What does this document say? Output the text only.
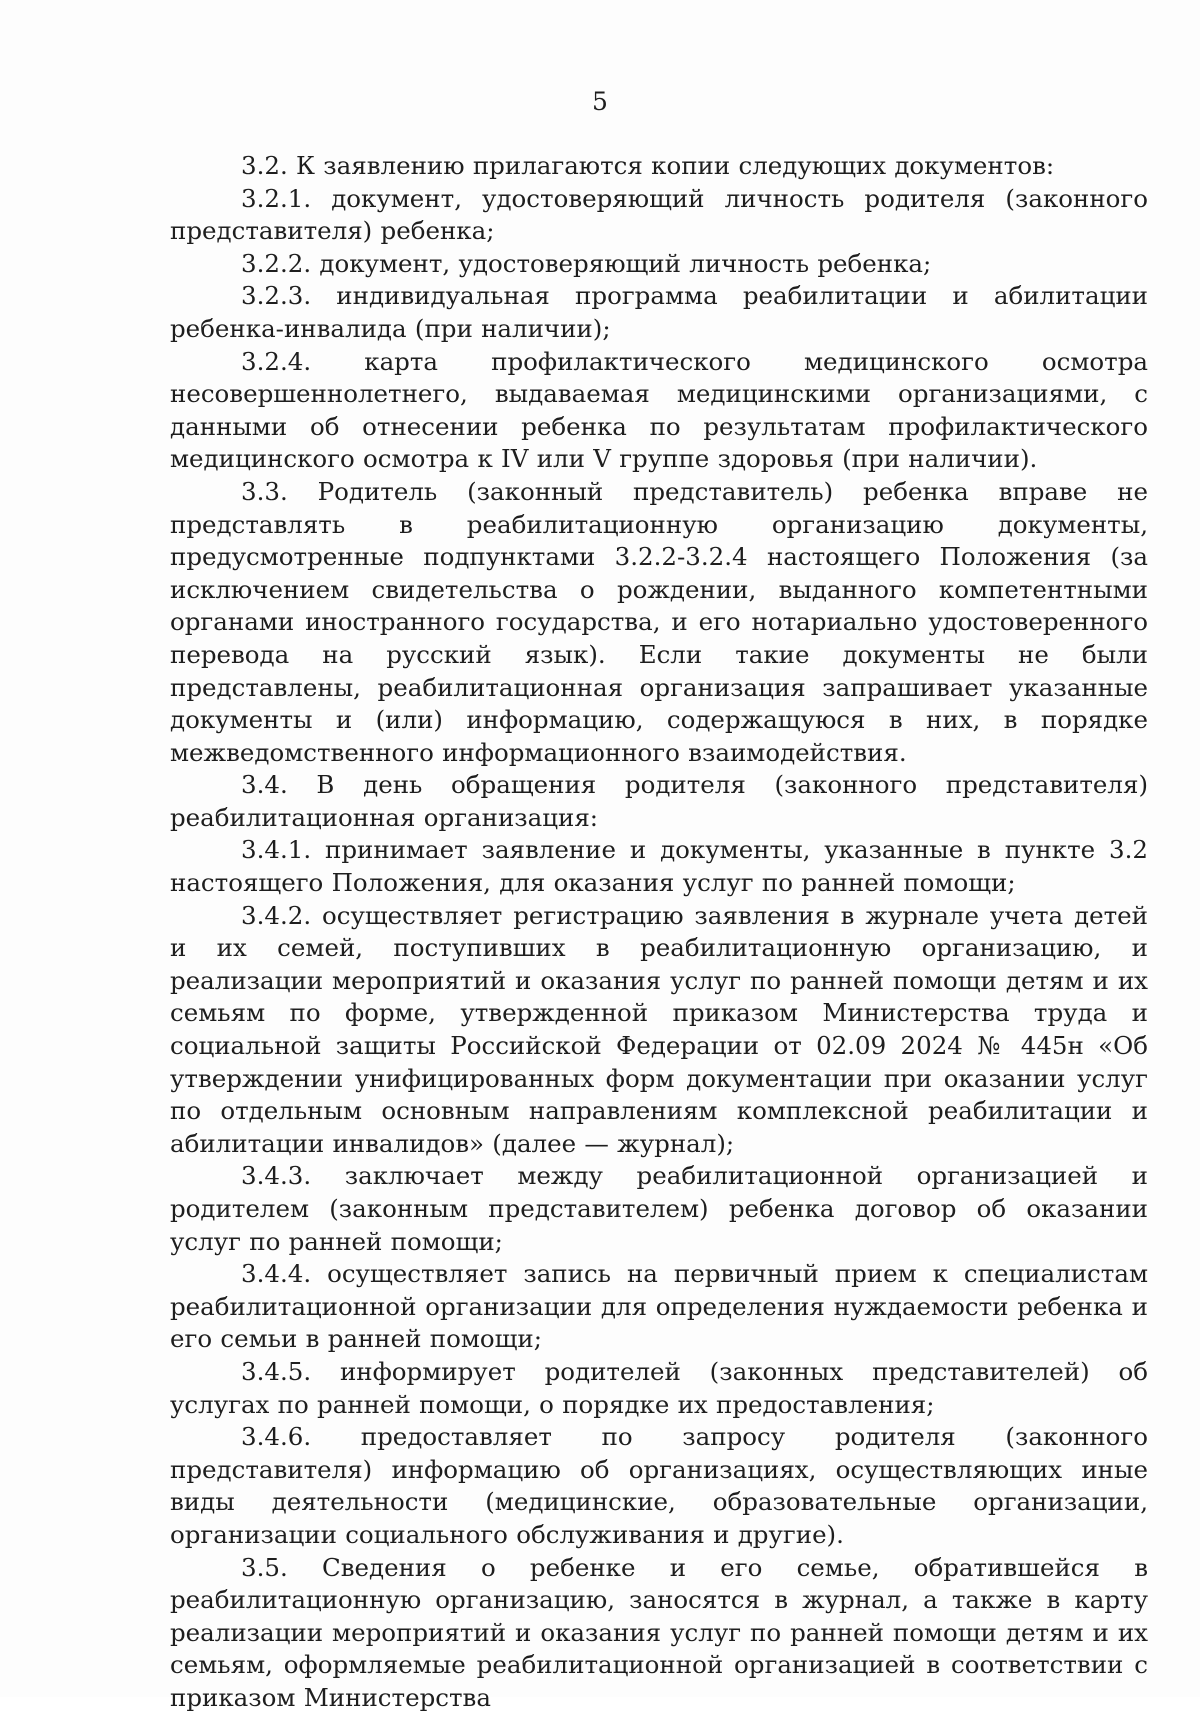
5

3.2. К заявлению прилагаются копии следующих документов:

3.2.1. документ, удостоверяющий личность родителя (законного представителя) ребенка;

3.2.2. документ, удостоверяющий личность ребенка;

3.2.3. индивидуальная программа реабилитации и абилитации ребенка-инвалида (при наличии);

3.2.4. карта профилактического медицинского осмотра несовершеннолетнего, выдаваемая медицинскими организациями, с данными об отнесении ребенка по результатам профилактического медицинского осмотра к IV или V группе здоровья (при наличии).

3.3. Родитель (законный представитель) ребенка вправе не представлять в реабилитационную организацию документы, предусмотренные подпунктами 3.2.2-3.2.4 настоящего Положения (за исключением свидетельства о рождении, выданного компетентными органами иностранного государства, и его нотариально удостоверенного перевода на русский язык). Если такие документы не были представлены, реабилитационная организация запрашивает указанные документы и (или) информацию, содержащуюся в них, в порядке межведомственного информационного взаимодействия.

3.4. В день обращения родителя (законного представителя) реабилитационная организация:

3.4.1. принимает заявление и документы, указанные в пункте 3.2 настоящего Положения, для оказания услуг по ранней помощи;

3.4.2. осуществляет регистрацию заявления в журнале учета детей и их семей, поступивших в реабилитационную организацию, и реализации мероприятий и оказания услуг по ранней помощи детям и их семьям по форме, утвержденной приказом Министерства труда и социальной защиты Российской Федерации от 02.09 2024 № 445н «Об утверждении унифицированных форм документации при оказании услуг по отдельным основным направлениям комплексной реабилитации и абилитации инвалидов» (далее — журнал);

3.4.3. заключает между реабилитационной организацией и родителем (законным представителем) ребенка договор об оказании услуг по ранней помощи;

3.4.4. осуществляет запись на первичный прием к специалистам реабилитационной организации для определения нуждаемости ребенка и его семьи в ранней помощи;

3.4.5. информирует родителей (законных представителей) об услугах по ранней помощи, о порядке их предоставления;

3.4.6. предоставляет по запросу родителя (законного представителя) информацию об организациях, осуществляющих иные виды деятельности (медицинские, образовательные организации, организации социального обслуживания и другие).

3.5. Сведения о ребенке и его семье, обратившейся в реабилитационную организацию, заносятся в журнал, а также в карту реализации мероприятий и оказания услуг по ранней помощи детям и их семьям, оформляемые реабилитационной организацией в соответствии с приказом Министерства
